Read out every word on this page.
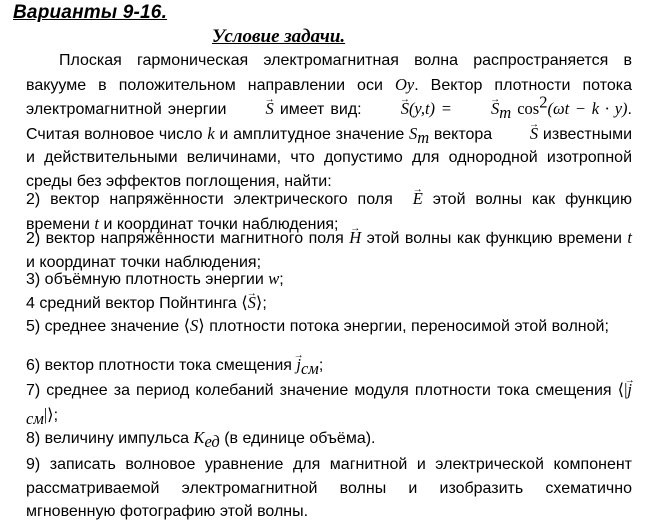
Варианты 9-16.
Условие задачи.
Плоская гармоническая электромагнитная волна распространяется в вакууме в положительном направлении оси Oy. Вектор плотности потока электромагнитной энергии → S имеет вид: → S(y,t) = → $S_m$ $\cos^2(\omega t - k \cdot y)$. Считая волновое число k и амплитудное значение $S_m$ вектора → S известными и действительными величинами, что допустимо для однородной изотропной среды без эффектов поглощения, найти:
2) вектор напряжённости электрического поля → E этой волны как функцию времени t и координат точки наблюдения;
2) вектор напряжённости магнитного поля → H этой волны как функцию времени t и координат точки наблюдения;
3) объёмную плотность энергии w;
4 средний вектор Пойнтинга ⟨→ S⟩;
5) среднее значение ⟨S⟩ плотности потока энергии, переносимой этой волной;
6) вектор плотности тока смещения → $j_{см}$;
7) среднее за период колебаний значение модуля плотности тока смещения ⟨|→ $j_{см}|⟩$;
8) величину импульса $K_{ед}$ (в единице объёма).
9) записать волновое уравнение для магнитной и электрической компонент рассматриваемой электромагнитной волны и изобразить схематично мгновенную фотографию этой волны.
